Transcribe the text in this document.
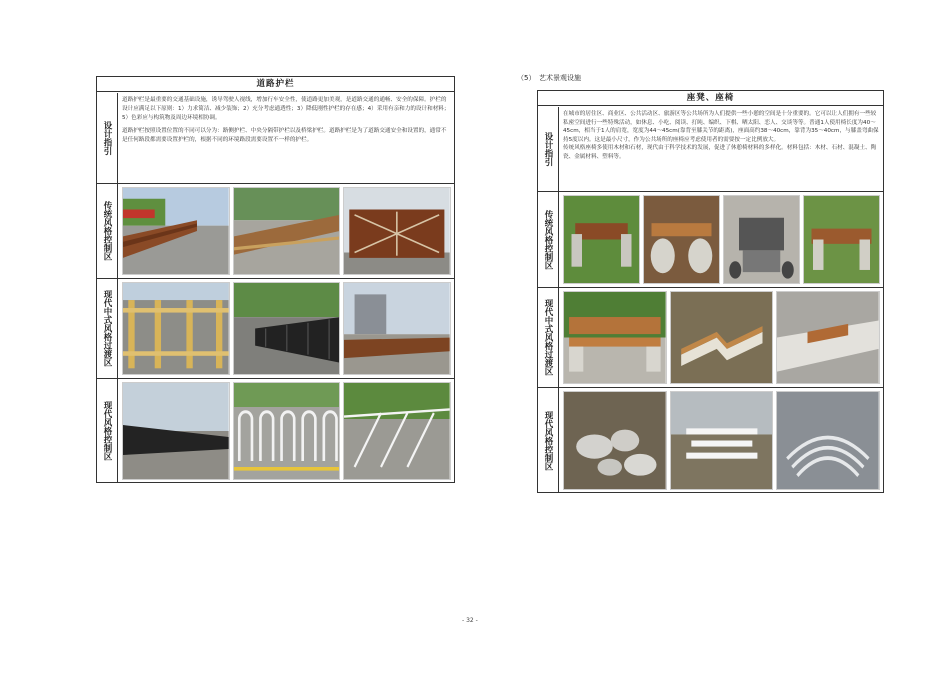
道路护栏
设计指引

道路护栏是最重要的交通基础设施，诱导驾驶人视线，增加行车安全性，使道路更加美观，是道路交通的通畅、安全的保障。护栏的设计应满足以下原则：1）力求简洁、减少装饰；2）充分考虑通透性；3）降低刚性护栏的存在感；4）采用有亲和力的设计和材料；5）色彩应与构筑物及周边环境相协调。

道路护栏按照设置位置的不同可以分为：路侧护栏、中央分隔带护栏以及桥梁护栏。道路护栏是为了道路交通安全和设置的，通常不是任何路段都需要设置护栏的，根据不同的环境路段需要设置不一样的护栏。

传统风格控制区
现代中式风格过渡区
现代风格控制区
（5）　艺术景观设施
座凳、座椅
设计指引

在城市的居住区、商业区、公共活动区、旅游区等公共场所为人们提供一些小憩的空间是十分重要的。它可以让人们拥有一些较私密空间进行一些特殊活动，如休息、小吃、阅读、打盹、编织、下棋、晒太阳、恋人、交谈等等。普通1人使用椅长度为40～45cm，相当于1人的肩宽，宽度为44～45cm(靠背至膝关节的距离)，座面高约38～40cm，靠背为35～40cm，与膝盖弯曲保持5度以内。这是最小尺寸，作为公共场所的座椅应考虑使用者的需要按一定比例放大。

传统风格座椅多使用木材和石材，现代由于科学技术的发展，促进了休憩椅材料的多样化。材料包括：木材、石材、混凝土、陶瓷、金属材料、塑料等。

传统风格控制区
现代中式风格过渡区
现代风格控制区
- 32 -
